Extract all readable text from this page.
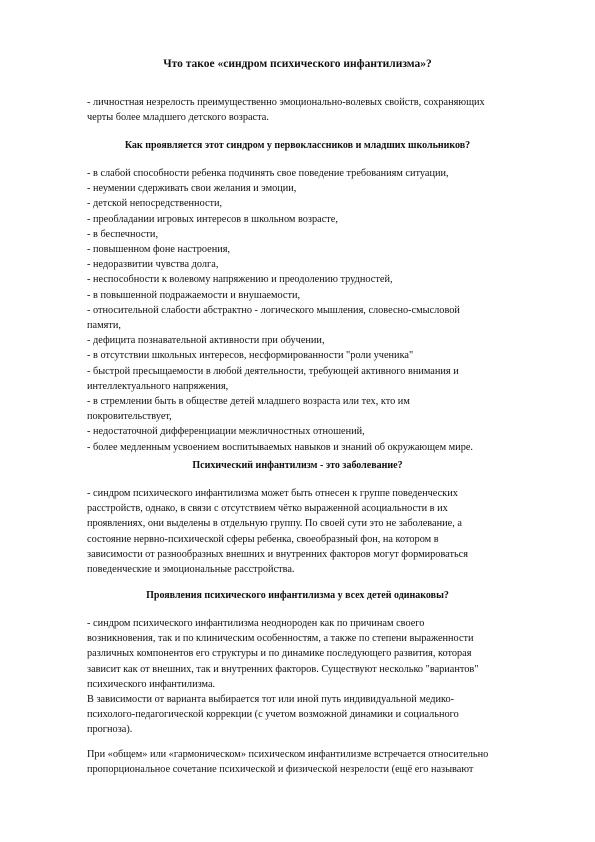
Что такое «синдром психического инфантилизма»?

- личностная незрелость преимущественно эмоционально-волевых свойств, сохраняющих
черты более младшего детского возраста.

Как проявляется этот синдром у первоклассников и младших школьников?

- в слабой способности ребенка подчинять свое поведение требованиям ситуации,
- неумении сдерживать свои желания и эмоции,
- детской непосредственности,
- преобладании игровых интересов в школьном возрасте,
- в беспечности,
- повышенном фоне настроения,
- недоразвитии чувства долга,
- неспособности к волевому напряжению и преодолению трудностей,
- в повышенной подражаемости и внушаемости,
- относительной слабости абстрактно - логического мышления, словесно-смысловой
памяти,
- дефицита познавательной активности при обучении,
- в отсутствии школьных интересов, несформированности "роли ученика"
- быстрой пресыщаемости в любой деятельности, требующей активного внимания и
интеллектуального напряжения,
- в стремлении быть в обществе детей младшего возраста или тех, кто им
покровительствует,
- недостаточной дифференциации межличностных отношений,
- более медленным усвоением воспитываемых навыков и знаний об окружающем мире.

Психический инфантилизм - это заболевание?

- синдром психического инфантилизма может быть отнесен к группе поведенческих
расстройств, однако, в связи с отсутствием чётко выраженной асоциальности в их
проявлениях, они выделены в отдельную группу. По своей сути это не заболевание, а
состояние нервно-психической сферы ребенка, своеобразный фон, на котором в
зависимости от разнообразных внешних и внутренних факторов могут формироваться
поведенческие и эмоциональные расстройства.

Проявления психического инфантилизма у всех детей одинаковы?

- синдром психического инфантилизма неоднороден как по причинам своего
возникновения, так и по клиническим особенностям, а также по степени выраженности
различных компонентов его структуры и по динамике последующего развития, которая
зависит как от внешних, так и внутренних факторов. Существуют несколько "вариантов"
психического инфантилизма.
В зависимости от варианта выбирается тот или иной путь индивидуальной медико-
психолого-педагогической коррекции (с учетом возможной динамики и социального
прогноза).

При «общем» или «гармоническом» психическом инфантилизме встречается относительно
пропорциональное сочетание психической и физической незрелости (ещё его называют
